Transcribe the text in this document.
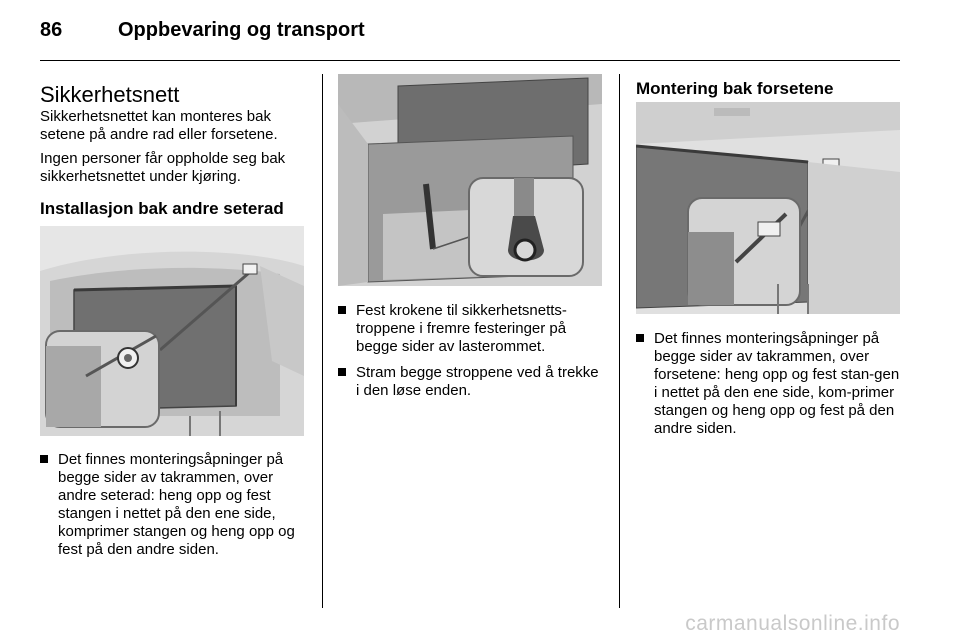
86	Oppbevaring og transport
Sikkerhetsnett

Sikkerhetsnettet kan monteres bak setene på andre rad eller forsetene.

Ingen personer får oppholde seg bak sikkerhetsnettet under kjøring.

Installasjon bak andre seterad
Det finnes monteringsåpninger på begge sider av takrammen, over andre seterad: heng opp og fest stangen i nettet på den ene side, komprimer stangen og heng opp og fest på den andre siden.
Fest krokene til sikkerhetsnetts-troppene i fremre festeringer på begge sider av lasterommet.
Stram begge stroppene ved å trekke i den løse enden.
Montering bak forsetene
Det finnes monteringsåpninger på begge sider av takrammen, over forsetene: heng opp og fest stan-gen i nettet på den ene side, kom-primer stangen og heng opp og fest på den andre siden.
carmanualsonline.info
